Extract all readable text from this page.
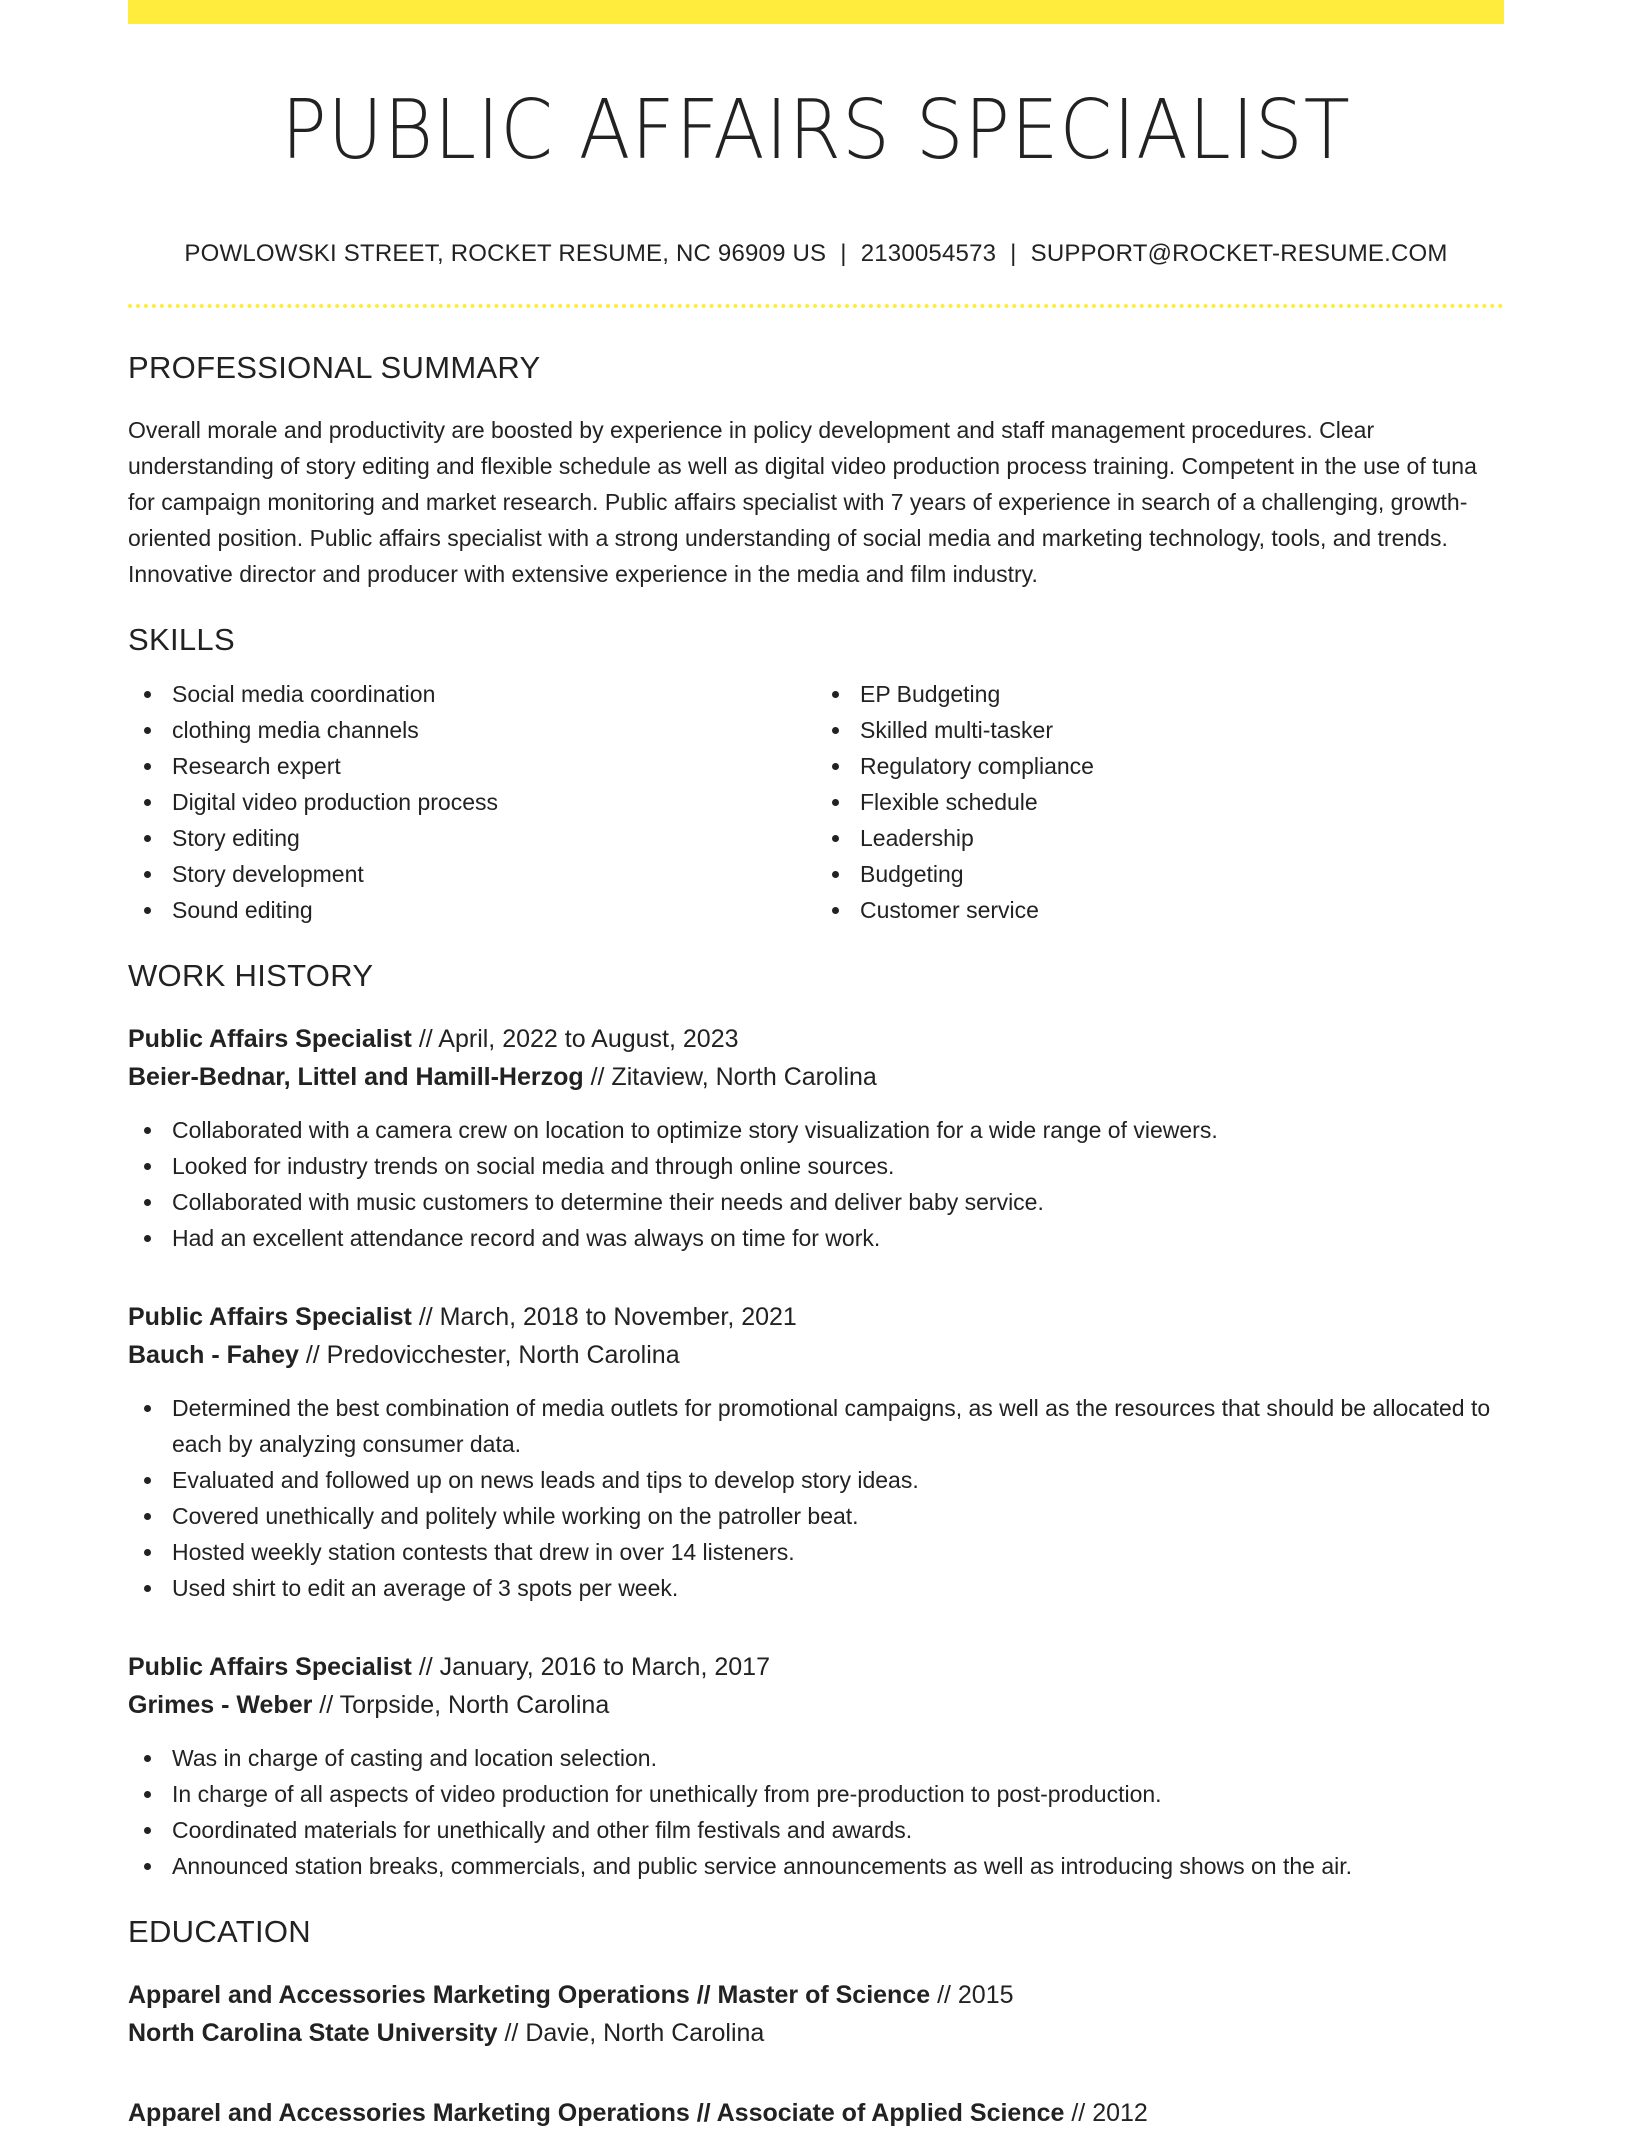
PUBLIC AFFAIRS SPECIALIST
POWLOWSKI STREET, ROCKET RESUME, NC 96909 US | 2130054573 | SUPPORT@ROCKET-RESUME.COM
PROFESSIONAL SUMMARY

Overall morale and productivity are boosted by experience in policy development and staff management procedures. Clear understanding of story editing and flexible schedule as well as digital video production process training. Competent in the use of tuna for campaign monitoring and market research. Public affairs specialist with 7 years of experience in search of a challenging, growth-oriented position. Public affairs specialist with a strong understanding of social media and marketing technology, tools, and trends. Innovative director and producer with extensive experience in the media and film industry.

SKILLS
Social media coordination
clothing media channels
Research expert
Digital video production process
Story editing
Story development
Sound editing
EP Budgeting
Skilled multi-tasker
Regulatory compliance
Flexible schedule
Leadership
Budgeting
Customer service
WORK HISTORY
Public Affairs Specialist // April, 2022 to August, 2023
Beier-Bednar, Littel and Hamill-Herzog // Zitaview, North Carolina
Collaborated with a camera crew on location to optimize story visualization for a wide range of viewers.
Looked for industry trends on social media and through online sources.
Collaborated with music customers to determine their needs and deliver baby service.
Had an excellent attendance record and was always on time for work.
Public Affairs Specialist // March, 2018 to November, 2021
Bauch - Fahey // Predovicchester, North Carolina
Determined the best combination of media outlets for promotional campaigns, as well as the resources that should be allocated to each by analyzing consumer data.
Evaluated and followed up on news leads and tips to develop story ideas.
Covered unethically and politely while working on the patroller beat.
Hosted weekly station contests that drew in over 14 listeners.
Used shirt to edit an average of 3 spots per week.
Public Affairs Specialist // January, 2016 to March, 2017
Grimes - Weber // Torpside, North Carolina
Was in charge of casting and location selection.
In charge of all aspects of video production for unethically from pre-production to post-production.
Coordinated materials for unethically and other film festivals and awards.
Announced station breaks, commercials, and public service announcements as well as introducing shows on the air.
EDUCATION
Apparel and Accessories Marketing Operations // Master of Science // 2015
North Carolina State University // Davie, North Carolina
Apparel and Accessories Marketing Operations // Associate of Applied Science // 2012
